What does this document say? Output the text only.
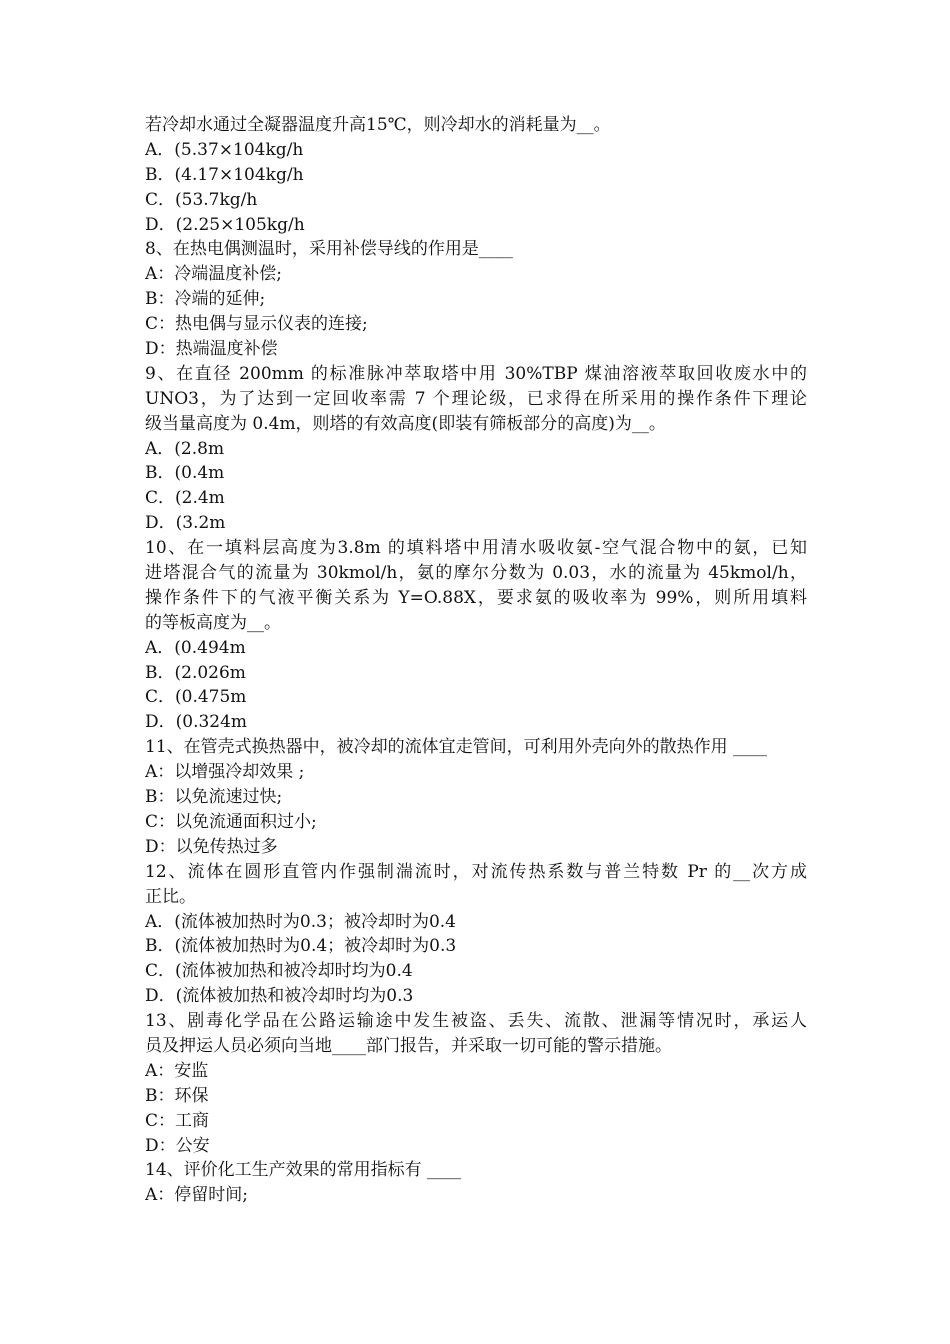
若冷却水通过全凝器温度升高15℃，则冷却水的消耗量为__。
A．(5.37×104kg/h
B．(4.17×104kg/h
C．(53.7kg/h
D．(2.25×105kg/h
8、在热电偶测温时，采用补偿导线的作用是____
A：冷端温度补偿;
B：冷端的延伸;
C：热电偶与显示仪表的连接;
D：热端温度补偿
9、在直径 200mm 的标准脉冲萃取塔中用 30%TBP 煤油溶液萃取回收废水中的
UNO3，为了达到一定回收率需 7 个理论级，已求得在所采用的操作条件下理论
级当量高度为 0.4m，则塔的有效高度(即装有筛板部分的高度)为__。
A．(2.8m
B．(0.4m
C．(2.4m
D．(3.2m
10、在一填料层高度为3.8m 的填料塔中用清水吸收氨-空气混合物中的氨，已知
进塔混合气的流量为 30kmol/h，氨的摩尔分数为 0.03，水的流量为 45kmol/h，
操作条件下的气液平衡关系为 Y=O.88X，要求氨的吸收率为 99%，则所用填料
的等板高度为__。
A．(0.494m
B．(2.026m
C．(0.475m
D．(0.324m
11、在管壳式换热器中，被冷却的流体宜走管间，可利用外壳向外的散热作用 ____
A：以增强冷却效果 ;
B：以免流速过快;
C：以免流通面积过小;
D：以免传热过多
12、流体在圆形直管内作强制湍流时，对流传热系数与普兰特数 Pr 的__次方成
正比。
A．(流体被加热时为0.3；被冷却时为0.4
B．(流体被加热时为0.4；被冷却时为0.3
C．(流体被加热和被冷却时均为0.4
D．(流体被加热和被冷却时均为0.3
13、剧毒化学品在公路运输途中发生被盗、丢失、流散、泄漏等情况时，承运人
员及押运人员必须向当地____部门报告，并采取一切可能的警示措施。
A：安监
B：环保
C：工商
D：公安
14、评价化工生产效果的常用指标有 ____
A：停留时间;
